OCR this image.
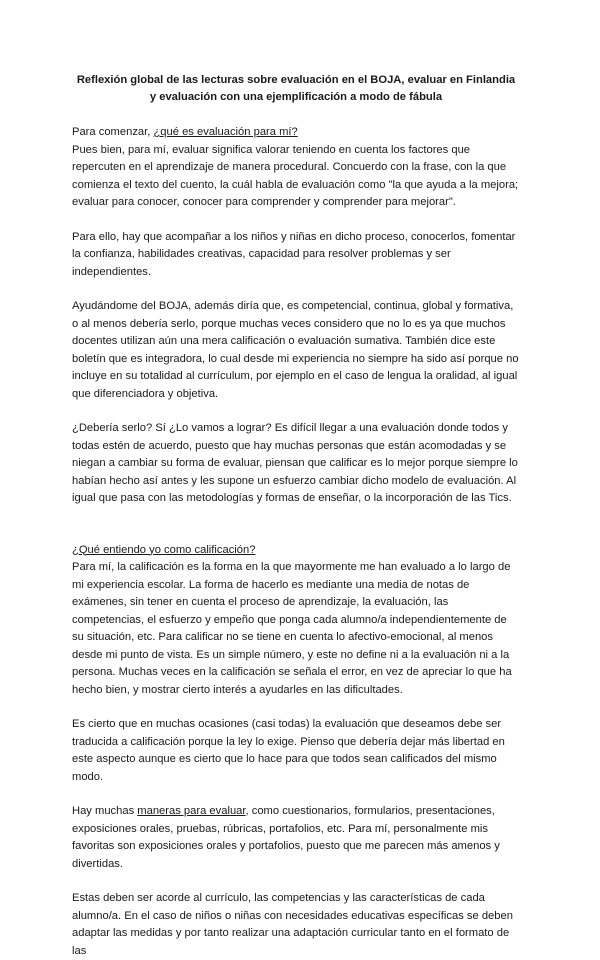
Reflexión global de las lecturas sobre evaluación en el BOJA, evaluar en Finlandia y evaluación con una ejemplificación a modo de fábula
Para comenzar, ¿qué es evaluación para mí?
Pues bien, para mí, evaluar significa valorar teniendo en cuenta los factores que repercuten en el aprendizaje de manera procedural. Concuerdo con la frase, con la que comienza el texto del cuento, la cuál habla de evaluación como "la que ayuda a la mejora; evaluar para conocer, conocer para comprender y comprender para mejorar".
Para ello, hay que acompañar a los niños y niñas en dicho proceso, conocerlos, fomentar la confianza, habilidades creativas, capacidad para resolver problemas y ser independientes.
Ayudándome del BOJA, además diría que, es competencial, continua, global y formativa, o al menos debería serlo, porque muchas veces considero que no lo es ya que muchos docentes utilizan aún una mera calificación o evaluación sumativa. También dice este boletín que es integradora, lo cual desde mi experiencia no siempre ha sido así porque no incluye en su totalidad al currículum, por ejemplo en el caso de lengua la oralidad, al igual que diferenciadora y objetiva.
¿Debería serlo? Sí ¿Lo vamos a lograr? Es difícil llegar a una evaluación donde todos y todas estén de acuerdo, puesto que hay muchas personas que están acomodadas y se niegan a cambiar su forma de evaluar, piensan que calificar es lo mejor porque siempre lo habían hecho así antes y les supone un esfuerzo cambiar dicho modelo de evaluación. Al igual que pasa con las metodologías y formas de enseñar, o la incorporación de las Tics.
¿Qué entiendo yo como calificación?
Para mí, la calificación es la forma en la que mayormente me han evaluado a lo largo de mi experiencia escolar. La forma de hacerlo es mediante una media de notas de exámenes, sin tener en cuenta el proceso de aprendizaje, la evaluación, las competencias, el esfuerzo y empeño que ponga cada alumno/a independientemente de su situación, etc. Para calificar no se tiene en cuenta lo afectivo-emocional, al menos desde mi punto de vista. Es un simple número, y este no define ni a la evaluación ni a la persona. Muchas veces en la calificación se señala el error, en vez de apreciar lo que ha hecho bien, y mostrar cierto interés a ayudarles en las dificultades.
Es cierto que en muchas ocasiones (casi todas) la evaluación que deseamos debe ser traducida a calificación porque la ley lo exige. Pienso que debería dejar más libertad en este aspecto aunque es cierto que lo hace para que todos sean calificados del mismo modo.
Hay muchas maneras para evaluar, como cuestionarios, formularios, presentaciones, exposiciones orales, pruebas, rúbricas, portafolios, etc. Para mí, personalmente mis favoritas son exposiciones orales y portafolios, puesto que me parecen más amenos y divertidas.
Estas deben ser acorde al currículo, las competencias y las características de cada alumno/a. En el caso de niños o niñas con necesidades educativas específicas se deben adaptar las medidas y por tanto realizar una adaptación curricular tanto en el formato de las
